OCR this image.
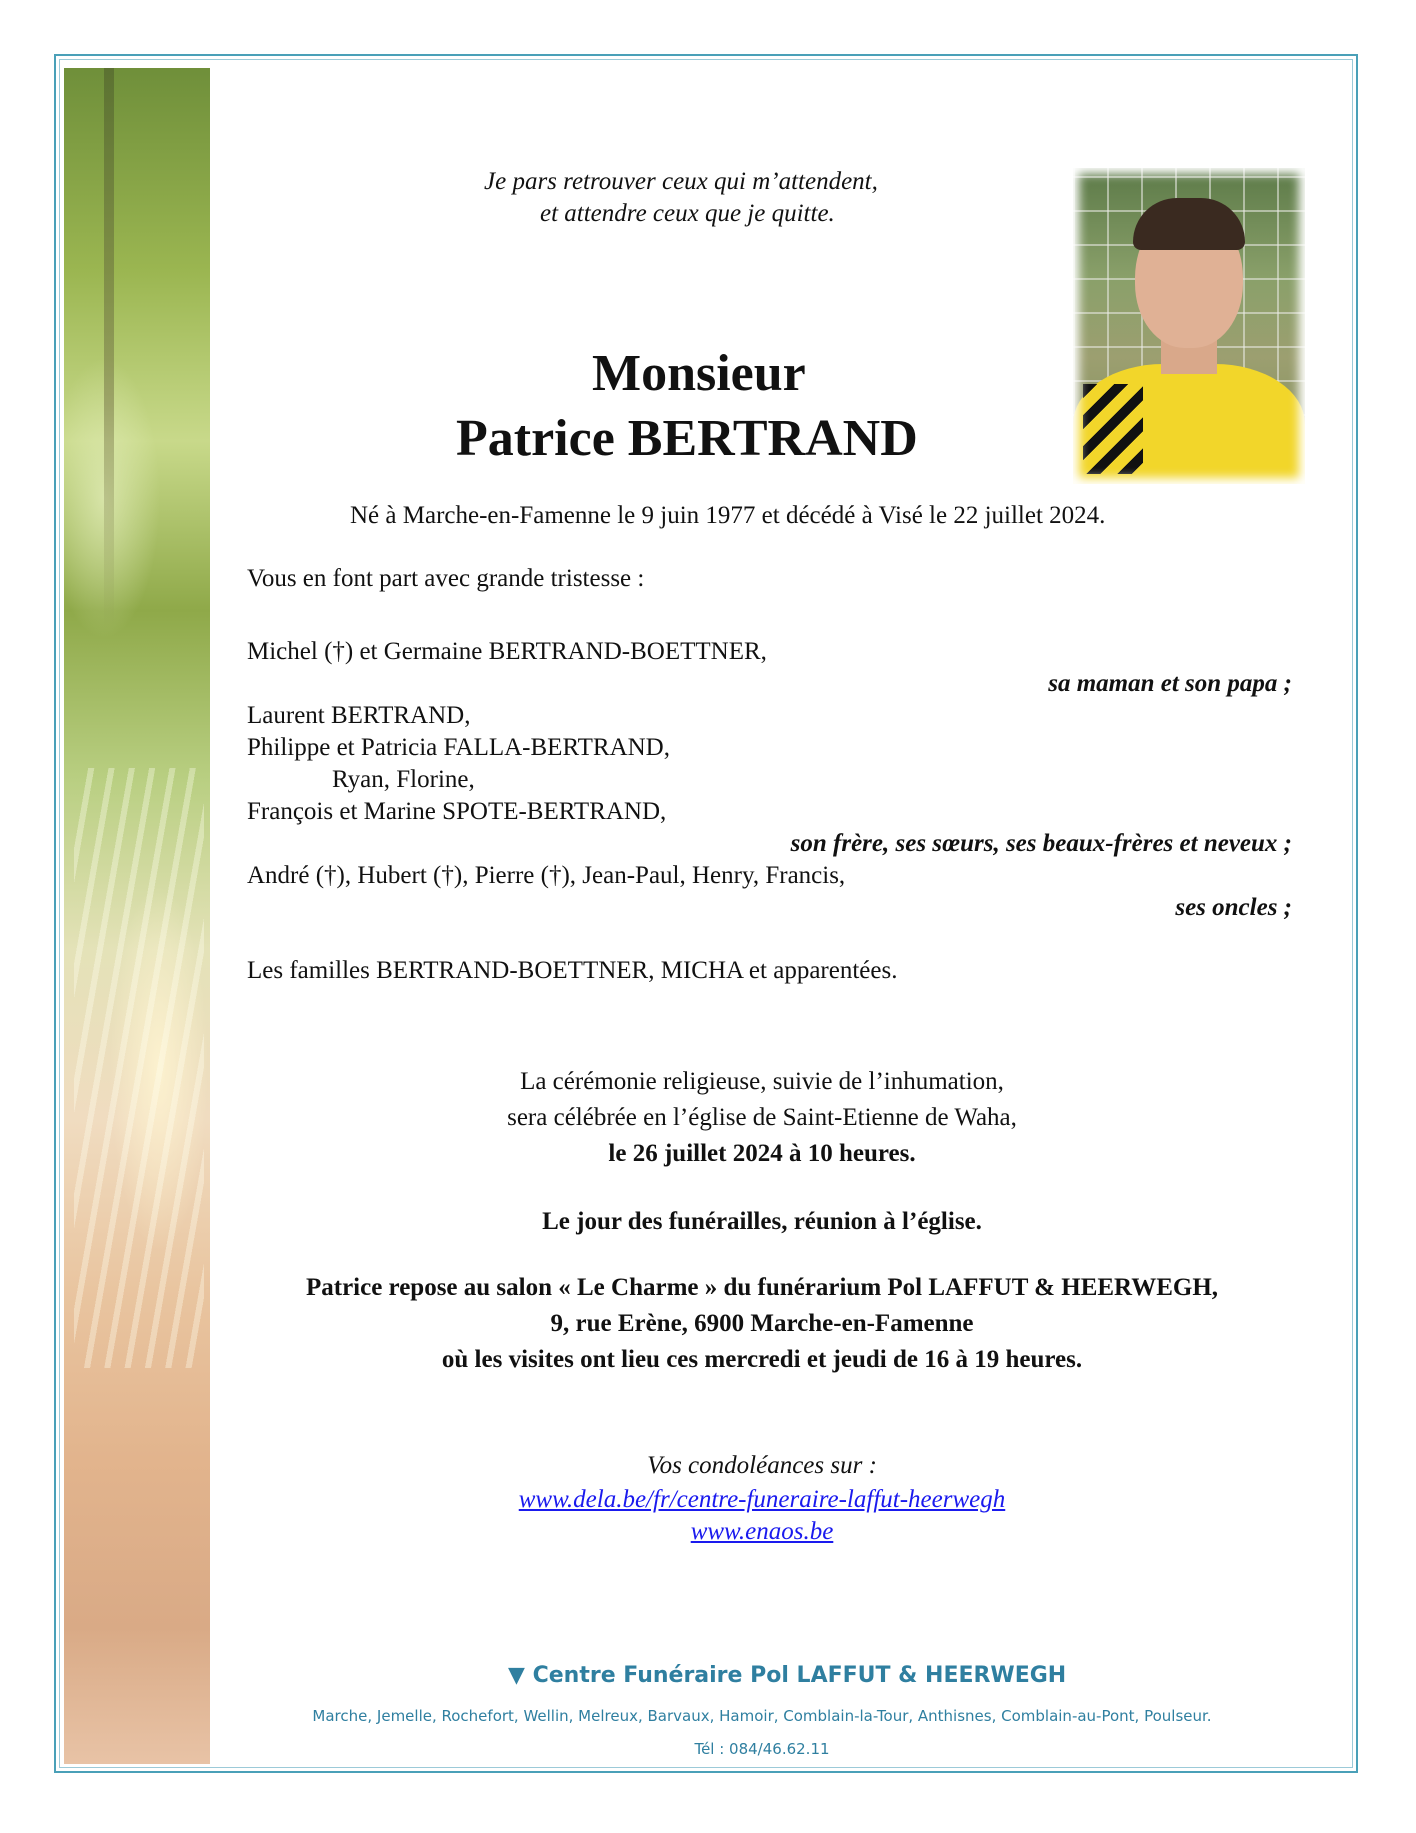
Je pars retrouver ceux qui m’attendent,

et attendre ceux que je quitte.

Monsieur

Patrice BERTRAND

Né à Marche-en-Famenne le 9 juin 1977 et décédé à Visé le 22 juillet 2024.

Vous en font part avec grande tristesse :

Michel (†) et Germaine BERTRAND-BOETTNER,

sa maman et son papa ;

Laurent BERTRAND,

Philippe et Patricia FALLA-BERTRAND,

Ryan, Florine,

François et Marine SPOTE-BERTRAND,

son frère, ses sœurs, ses beaux-frères et neveux ;

André (†), Hubert (†), Pierre (†), Jean-Paul, Henry, Francis,

ses oncles ;

Les familles BERTRAND-BOETTNER, MICHA et apparentées.

La cérémonie religieuse, suivie de l’inhumation,

sera célébrée en l’église de Saint-Etienne de Waha,

le 26 juillet 2024 à 10 heures.

Le jour des funérailles, réunion à l’église.

Patrice repose au salon « Le Charme » du funérarium Pol LAFFUT & HEERWEGH,

9, rue Erène, 6900 Marche-en-Famenne

où les visites ont lieu ces mercredi et jeudi de 16 à 19 heures.

Vos condoléances sur :

www.dela.be/fr/centre-funeraire-laffut-heerwegh

www.enaos.be

▼ Centre Funéraire Pol LAFFUT & HEERWEGH

Marche, Jemelle, Rochefort, Wellin, Melreux, Barvaux, Hamoir, Comblain-la-Tour, Anthisnes, Comblain-au-Pont, Poulseur.

Tél : 084/46.62.11
